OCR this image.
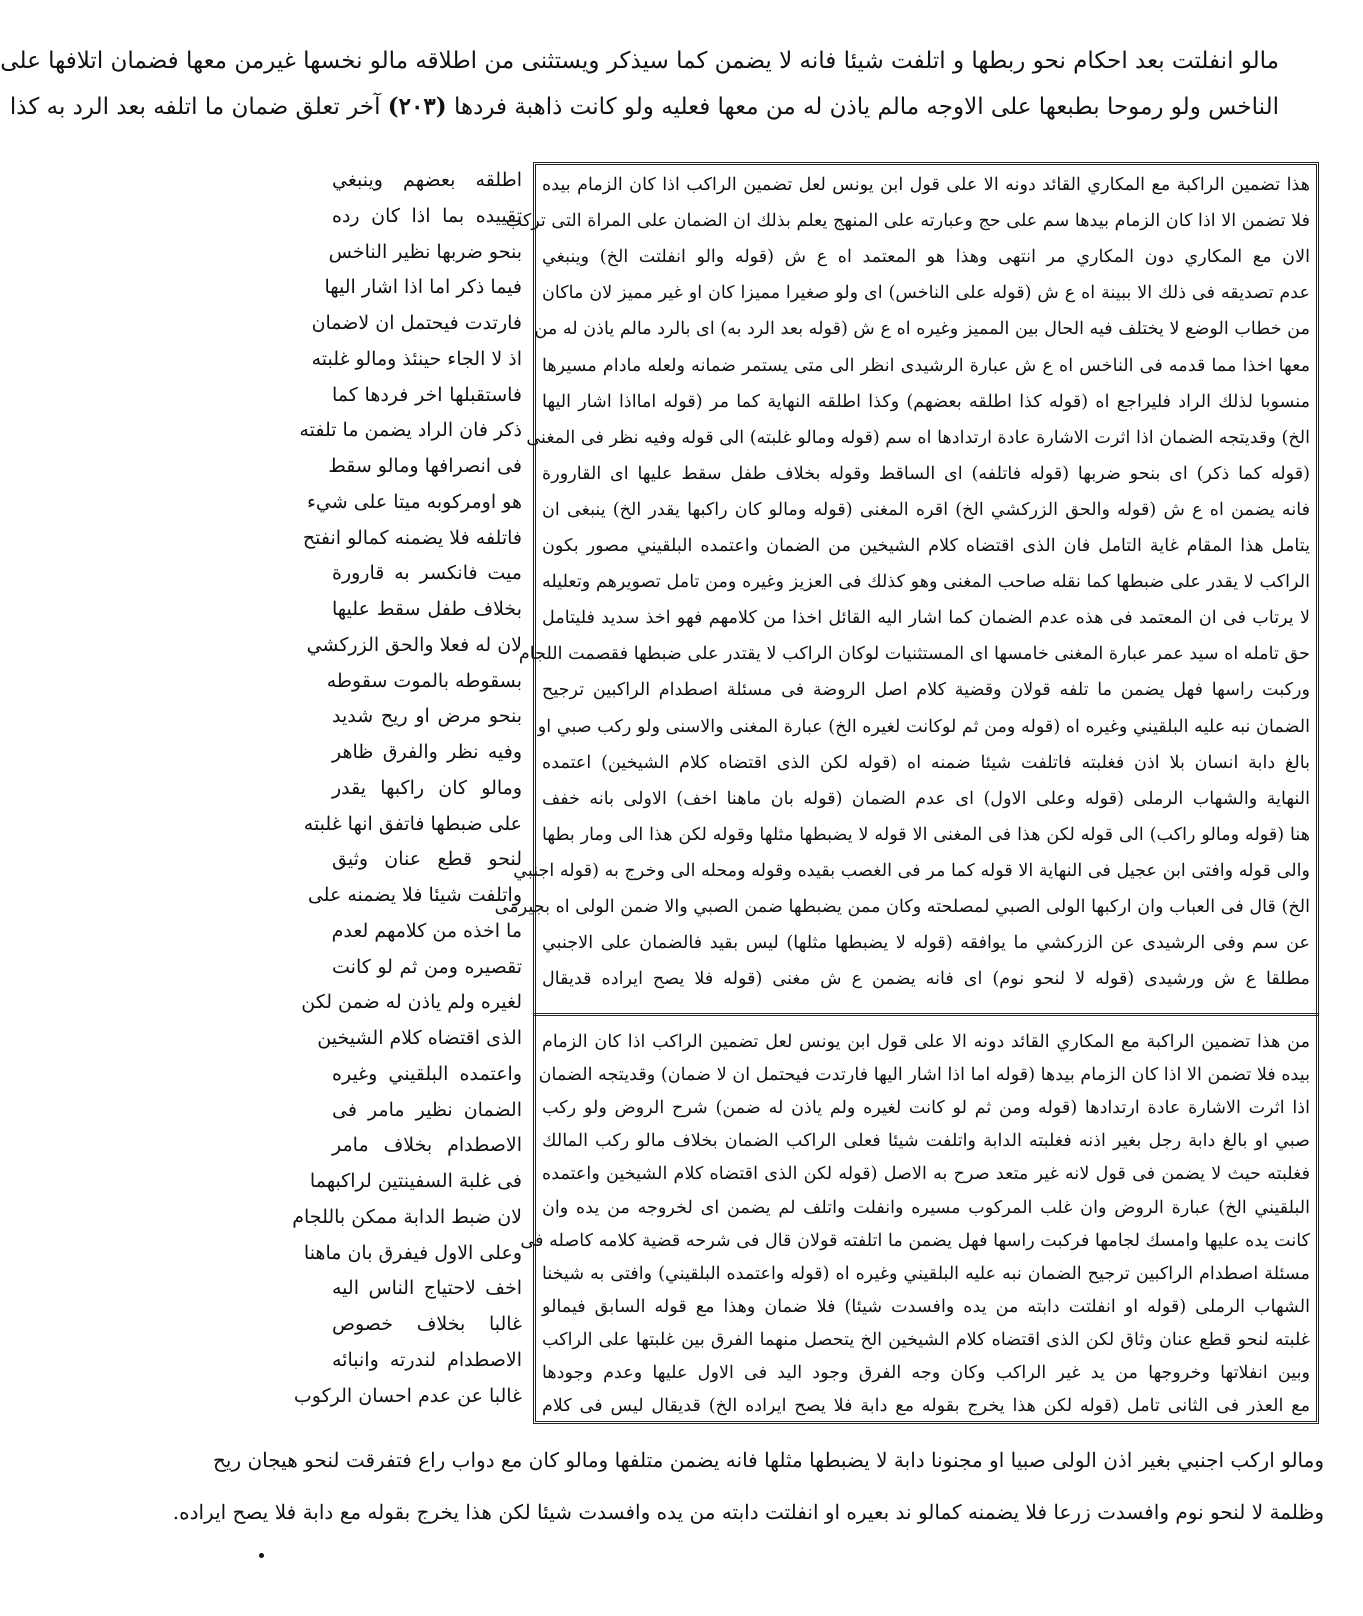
مالو انفلتت بعد احكام نحو ربطها و اتلفت شيئا فانه لا يضمن كما سيذكر ويستثنى من اطلاقه مالو نخسها غيرمن معها فضمان اتلافها على
الناخس ولو رموحا بطبعها على الاوجه مالم ياذن له من معها فعليه ولو كانت ذاهبة فردها (٢٠٣) آخر تعلق ضمان ما اتلفه بعد الرد به كذا
هذا تضمين الراكبة مع المكاري القائد دونه الا على قول ابن يونس لعل تضمين الراكب اذا كان الزمام بيده
فلا تضمن الا اذا كان الزمام بيدها سم على حج وعبارته على المنهج يعلم بذلك ان الضمان على المراة التى تركب
الان مع المكاري دون المكاري مر انتهى وهذا هو المعتمد اه ع ش (قوله والو انفلتت الخ) وينبغي
عدم تصديقه فى ذلك الا ببينة اه ع ش (قوله على الناخس) اى ولو صغيرا مميزا كان او غير مميز لان ماكان
من خطاب الوضع لا يختلف فيه الحال بين المميز وغيره اه ع ش (قوله بعد الرد به) اى بالرد مالم ياذن له من
معها اخذا مما قدمه فى الناخس اه ع ش عبارة الرشيدى انظر الى متى يستمر ضمانه ولعله مادام مسيرها
منسوبا لذلك الراد فليراجع اه (قوله كذا اطلقه بعضهم) وكذا اطلقه النهاية كما مر (قوله امااذا اشار اليها
الخ) وقديتجه الضمان اذا اثرت الاشارة عادة ارتدادها اه سم (قوله ومالو غلبته) الى قوله وفيه نظر فى المغنى
(قوله كما ذكر) اى بنحو ضربها (قوله فاتلفه) اى الساقط وقوله بخلاف طفل سقط عليها اى القارورة
فانه يضمن اه ع ش (قوله والحق الزركشي الخ) اقره المغنى (قوله ومالو كان راكبها يقدر الخ) ينبغى ان
يتامل هذا المقام غاية التامل فان الذى اقتضاه كلام الشيخين من الضمان واعتمده البلقيني مصور بكون
الراكب لا يقدر على ضبطها كما نقله صاحب المغنى وهو كذلك فى العزيز وغيره ومن تامل تصويرهم وتعليله
لا يرتاب فى ان المعتمد فى هذه عدم الضمان كما اشار اليه القائل اخذا من كلامهم فهو اخذ سديد فليتامل
حق تامله اه سيد عمر عبارة المغنى خامسها اى المستثنيات لوكان الراكب لا يقتدر على ضبطها فقصمت اللجام
وركبت راسها فهل يضمن ما تلفه قولان وقضية كلام اصل الروضة فى مسئلة اصطدام الراكبين ترجيح
الضمان نبه عليه البلقيني وغيره اه (قوله ومن ثم لوكانت لغيره الخ) عبارة المغنى والاسنى ولو ركب صبي او
بالغ دابة انسان بلا اذن فغلبته فاتلفت شيئا ضمنه اه (قوله لكن الذى اقتضاه كلام الشيخين) اعتمده
النهاية والشهاب الرملى (قوله وعلى الاول) اى عدم الضمان (قوله بان ماهنا اخف) الاولى بانه خفف
هنا (قوله ومالو راكب) الى قوله لكن هذا فى المغنى الا قوله لا يضبطها مثلها وقوله لكن هذا الى ومار بطها
والى قوله وافتى ابن عجيل فى النهاية الا قوله كما مر فى الغصب بقيده وقوله ومحله الى وخرج به (قوله اجنبي
الخ) قال فى العباب وان اركبها الولى الصبي لمصلحته وكان ممن يضبطها ضمن الصبي والا ضمن الولى اه بجيرمى
عن سم وفى الرشيدى عن الزركشي ما يوافقه (قوله لا يضبطها مثلها) ليس بقيد فالضمان على الاجنبي
مطلقا ع ش ورشيدى (قوله لا لنحو نوم) اى فانه يضمن ع ش مغنى (قوله فلا يصح ايراده قديقال
من هذا تضمين الراكبة مع المكاري القائد دونه الا على قول ابن يونس لعل تضمين الراكب اذا كان الزمام
بيده فلا تضمن الا اذا كان الزمام بيدها (قوله اما اذا اشار اليها فارتدت فيحتمل ان لا ضمان) وقديتجه الضمان
اذا اثرت الاشارة عادة ارتدادها (قوله ومن ثم لو كانت لغيره ولم ياذن له ضمن) شرح الروض ولو ركب
صبي او بالغ دابة رجل بغير اذنه فغلبته الدابة واتلفت شيئا فعلى الراكب الضمان بخلاف مالو ركب المالك
فغلبته حيث لا يضمن فى قول لانه غير متعد صرح به الاصل (قوله لكن الذى اقتضاه كلام الشيخين واعتمده
البلقيني الخ) عبارة الروض وان غلب المركوب مسيره وانفلت واتلف لم يضمن اى لخروجه من يده وان
كانت يده عليها وامسك لجامها فركبت راسها فهل يضمن ما اتلفته قولان قال فى شرحه قضية كلامه كاصله فى
مسئلة اصطدام الراكبين ترجيح الضمان نبه عليه البلقيني وغيره اه (قوله واعتمده البلقيني) وافتى به شيخنا
الشهاب الرملى (قوله او انفلتت دابته من يده وافسدت شيئا) فلا ضمان وهذا مع قوله السابق فيمالو
غلبته لنحو قطع عنان وثاق لكن الذى اقتضاه كلام الشيخين الخ يتحصل منهما الفرق بين غلبتها على الراكب
وبين انفلاتها وخروجها من يد غير الراكب وكان وجه الفرق وجود اليد فى الاول عليها وعدم وجودها
مع العذر فى الثانى تامل (قوله لكن هذا يخرج بقوله مع دابة فلا يصح ايراده الخ) قديقال ليس فى كلام
اطلقه بعضهم وينبغي
تقييده بما اذا كان رده
بنحو ضربها نظير الناخس
فيما ذكر اما اذا اشار اليها
فارتدت فيحتمل ان لاضمان
اذ لا الجاء حينئذ ومالو غلبته
فاستقبلها اخر فردها كما
ذكر فان الراد يضمن ما تلفته
فى انصرافها ومالو سقط
هو اومركوبه ميتا على شيء
فاتلفه فلا يضمنه كمالو انفتح
ميت فانكسر به قارورة
بخلاف طفل سقط عليها
لان له فعلا والحق الزركشي
بسقوطه بالموت سقوطه
بنحو مرض او ريح شديد
وفيه نظر والفرق ظاهر
ومالو كان راكبها يقدر
على ضبطها فاتفق انها غلبته
لنحو قطع عنان وثيق
واتلفت شيئا فلا يضمنه على
ما اخذه من كلامهم لعدم
تقصيره ومن ثم لو كانت
لغيره ولم ياذن له ضمن لكن
الذى اقتضاه كلام الشيخين
واعتمده البلقيني وغيره
الضمان نظير مامر فى
الاصطدام بخلاف مامر
فى غلبة السفينتين لراكبهما
لان ضبط الدابة ممكن باللجام
وعلى الاول فيفرق بان ماهنا
اخف لاحتياج الناس اليه
غالبا بخلاف خصوص
الاصطدام لندرته وانبائه
غالبا عن عدم احسان الركوب
ومالو اركب اجنبي بغير اذن الولى صبيا او مجنونا دابة لا يضبطها مثلها فانه يضمن متلفها ومالو كان مع دواب راع فتفرقت لنحو هيجان ريح
وظلمة لا لنحو نوم وافسدت زرعا فلا يضمنه كمالو ند بعيره او انفلتت دابته من يده وافسدت شيئا لكن هذا يخرج بقوله مع دابة فلا يصح ايراده.
